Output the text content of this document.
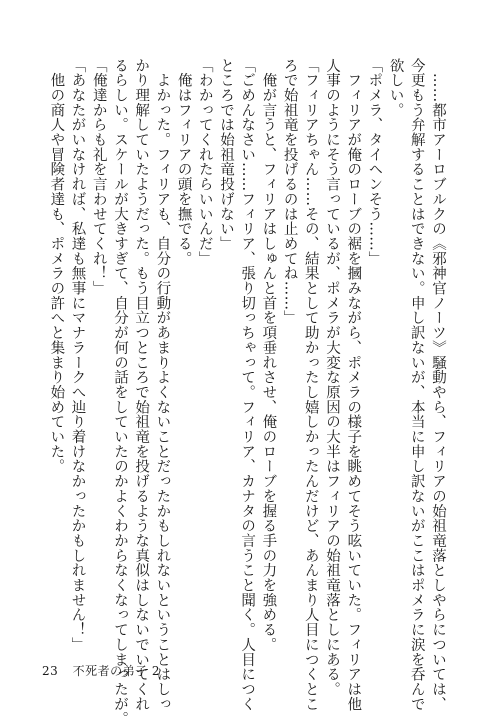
　……都市アーロブルクの《邪神官ノーツ》騒動やら、フィリアの始祖竜落としやらについては、
今更もう弁解することはできない。申し訳ないが、本当に申し訳ないがここはポメラに涙を呑んで
欲しい。
「ポメラ、タイヘンそう……」
　フィリアが俺のローブの裾を摑みながら、ポメラの様子を眺めてそう呟いていた。フィリアは他
人事のようにそう言っているが、ポメラが大変な原因の大半はフィリアの始祖竜落としにある。
「フィリアちゃん……その、結果として助かったし嬉しかったんだけど、あんまり人目につくとこ
ろで始祖竜を投げるのは止めてね……」
　俺が言うと、フィリアはしゅんと首を項垂れさせ、俺のローブを握る手の力を強める。
「ごめんなさい……フィリア、張り切っちゃって。フィリア、カナタの言うこと聞く。人目につく
ところでは始祖竜投げない」
「わかってくれたらいいんだ」
　俺はフィリアの頭を撫でる。
　よかった。フィリアも、自分の行動があまりよくないことだったかもしれないということはしっ
かり理解していたようだった。もう目立つところで始祖竜を投げるような真似はしないでいてくれ
るらしい。スケールが大きすぎて、自分が何の話をしていたのかよくわからなくなってしまったが。
「俺達からも礼を言わせてくれ！」
「あなたがいなければ、私達も無事にマナラークへ辿り着けなかったかもしれません！」
　他の商人や冒険者達も、ポメラの許へと集まり始めていた。
23 不死者の弟子 2
